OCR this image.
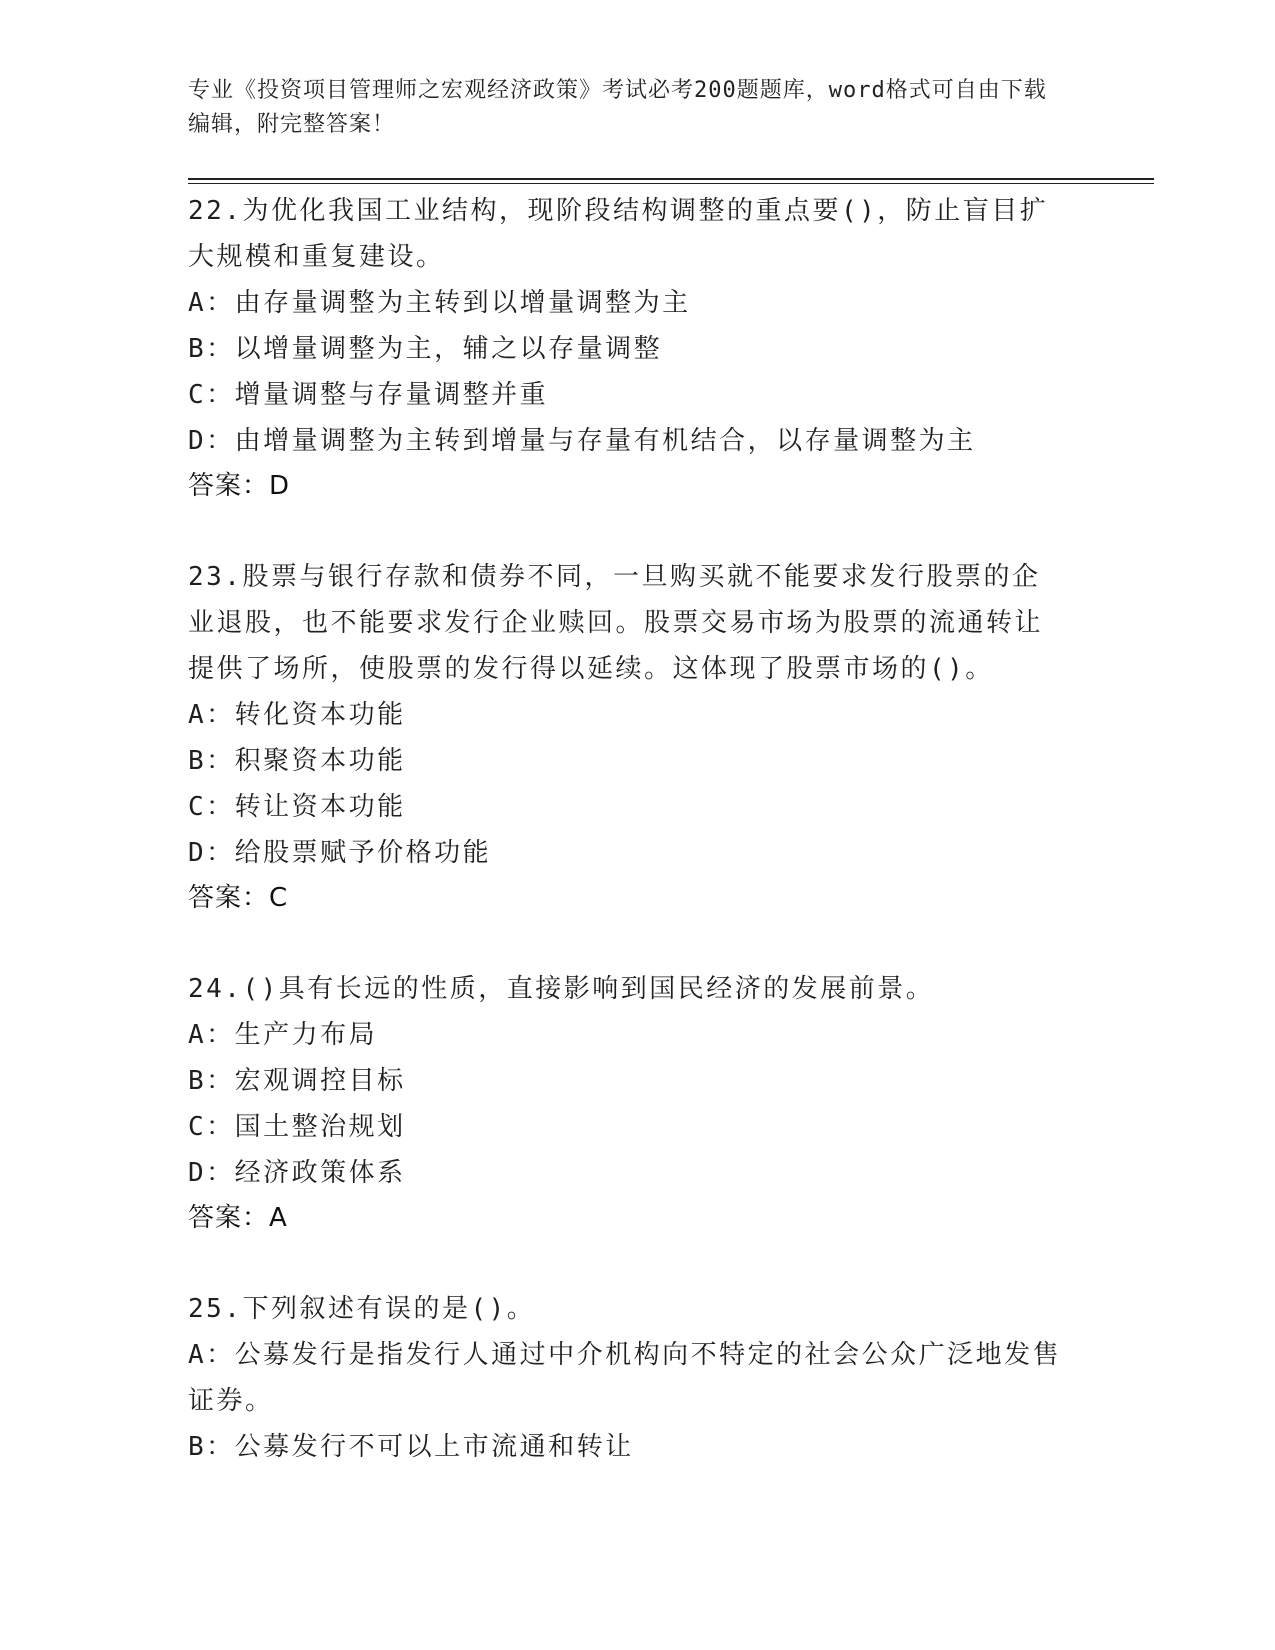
专业《投资项目管理师之宏观经济政策》考试必考200题题库，word格式可自由下载编辑，附完整答案！
22.为优化我国工业结构，现阶段结构调整的重点要()，防止盲目扩大规模和重复建设。
A：由存量调整为主转到以增量调整为主
B：以增量调整为主，辅之以存量调整
C：增量调整与存量调整并重
D：由增量调整为主转到增量与存量有机结合，以存量调整为主
答案：D
23.股票与银行存款和债券不同，一旦购买就不能要求发行股票的企业退股，也不能要求发行企业赎回。股票交易市场为股票的流通转让提供了场所，使股票的发行得以延续。这体现了股票市场的()。
A：转化资本功能
B：积聚资本功能
C：转让资本功能
D：给股票赋予价格功能
答案：C
24.()具有长远的性质，直接影响到国民经济的发展前景。
A：生产力布局
B：宏观调控目标
C：国土整治规划
D：经济政策体系
答案：A
25.下列叙述有误的是()。
A：公募发行是指发行人通过中介机构向不特定的社会公众广泛地发售证券。
B：公募发行不可以上市流通和转让
